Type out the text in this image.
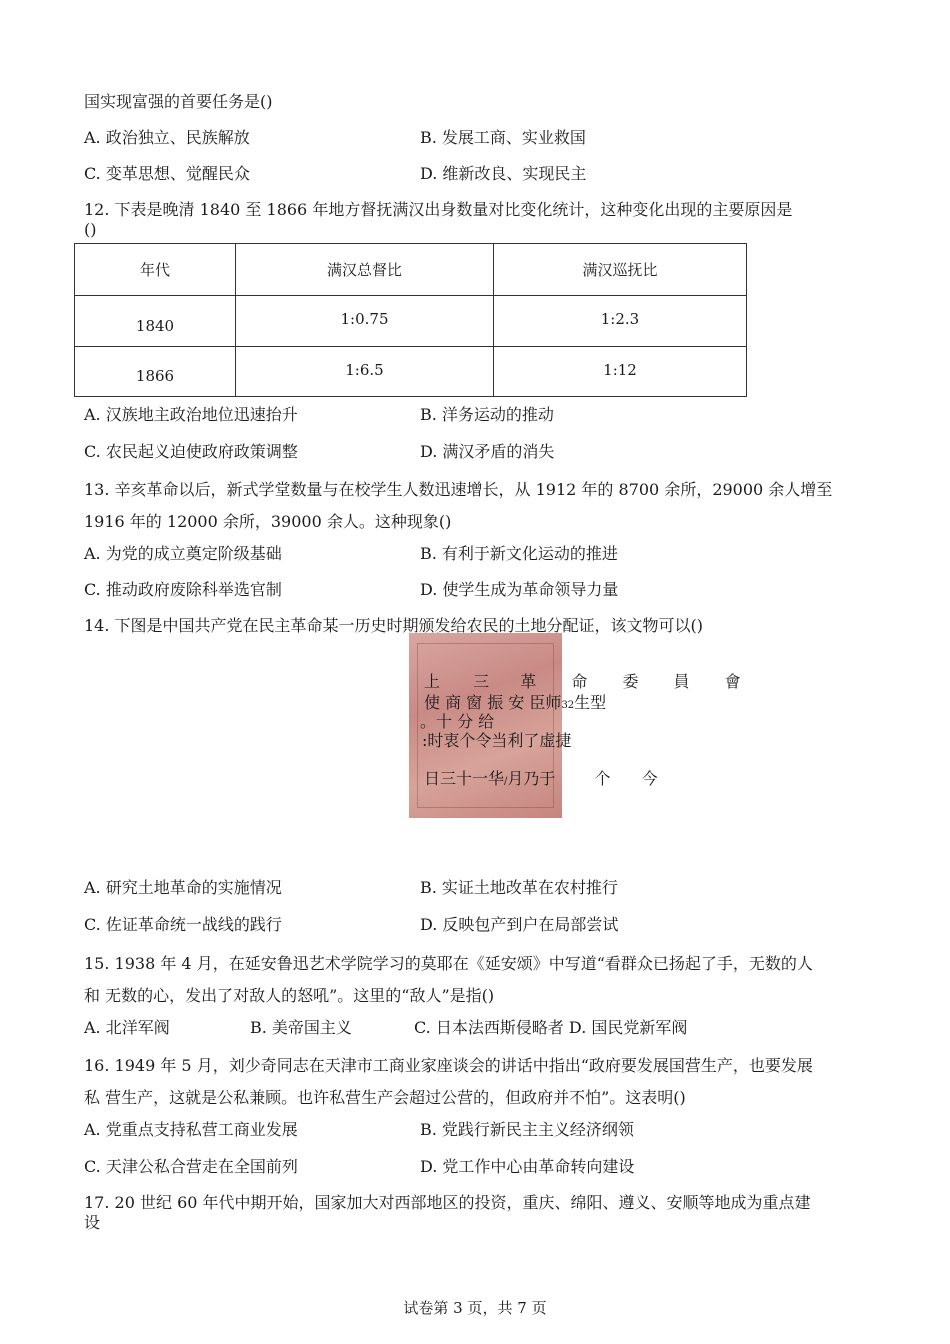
国实现富强的首要任务是()
A. 政治独立、民族解放	B. 发展工商、实业救国
C. 变革思想、觉醒民众	D. 维新改良、实现民主
12. 下表是晚清 1840 至 1866 年地方督抚满汉出身数量对比变化统计，这种变化出现的主要原因是
()
年代	满汉总督比	满汉巡抚比
1840	1:0.75	1:2.3
1866	1:6.5	1:12
A. 汉族地主政治地位迅速抬升	B. 洋务运动的推动
C. 农民起义迫使政府政策调整	D. 满汉矛盾的消失
13. 辛亥革命以后，新式学堂数量与在校学生人数迅速增长，从 1912 年的 8700 余所，29000 余人增至
1916 年的 12000 余所，39000 余人。这种现象()
A. 为党的成立奠定阶级基础	B. 有利于新文化运动的推进
C. 推动政府废除科举选官制	D. 使学生成为革命领导力量
14. 下图是中国共产党在民主革命某一历史时期颁发给农民的土地分配证，该文物可以()
上 三 革 命 委 員 會
使 商 窗 振 安 臣师32生型
。十 分 给
:时衷个令当利了虚捷
日三十一华/月乃于 个 今
A. 研究土地革命的实施情况	B. 实证土地改革在农村推行
C. 佐证革命统一战线的践行	D. 反映包产到户在局部尝试
15. 1938 年 4 月，在延安鲁迅艺术学院学习的莫耶在《延安颂》中写道“看群众已扬起了手，无数的人
和 无数的心，发出了对敌人的怒吼”。这里的“敌人”是指()
A. 北洋军阀	B. 美帝国主义	C. 日本法西斯侵略者 D. 国民党新军阀
16. 1949 年 5 月，刘少奇同志在天津市工商业家座谈会的讲话中指出“政府要发展国营生产，也要发展
私 营生产，这就是公私兼顾。也许私营生产会超过公营的，但政府并不怕”。这表明()
A. 党重点支持私营工商业发展	B. 党践行新民主主义经济纲领
C. 天津公私合营走在全国前列	D. 党工作中心由革命转向建设
17. 20 世纪 60 年代中期开始，国家加大对西部地区的投资，重庆、绵阳、遵义、安顺等地成为重点建
设
试卷第 3 页，共 7 页
